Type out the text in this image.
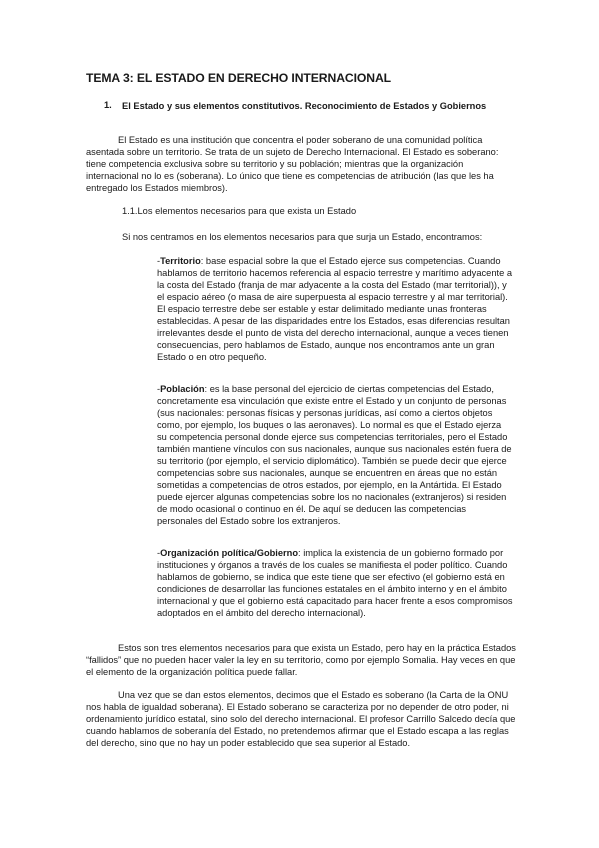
TEMA 3: EL ESTADO EN DERECHO INTERNACIONAL
1. El Estado y sus elementos constitutivos. Reconocimiento de Estados y Gobiernos
El Estado es una institución que concentra el poder soberano de una comunidad política asentada sobre un territorio. Se trata de un sujeto de Derecho Internacional. El Estado es soberano: tiene competencia exclusiva sobre su territorio y su población; mientras que la organización internacional no lo es (soberana). Lo único que tiene es competencias de atribución (las que les ha entregado los Estados miembros).
1.1.Los elementos necesarios para que exista un Estado
Si nos centramos en los elementos necesarios para que surja un Estado, encontramos:
-Territorio: base espacial sobre la que el Estado ejerce sus competencias. Cuando hablamos de territorio hacemos referencia al espacio terrestre y marítimo adyacente a la costa del Estado (franja de mar adyacente a la costa del Estado (mar territorial)), y el espacio aéreo (o masa de aire superpuesta al espacio terrestre y al mar territorial). El espacio terrestre debe ser estable y estar delimitado mediante unas fronteras establecidas. A pesar de las disparidades entre los Estados, esas diferencias resultan irrelevantes desde el punto de vista del derecho internacional, aunque a veces tienen consecuencias, pero hablamos de Estado, aunque nos encontramos ante un gran Estado o en otro pequeño.
-Población: es la base personal del ejercicio de ciertas competencias del Estado, concretamente esa vinculación que existe entre el Estado y un conjunto de personas (sus nacionales: personas físicas y personas jurídicas, así como a ciertos objetos como, por ejemplo, los buques o las aeronaves). Lo normal es que el Estado ejerza su competencia personal donde ejerce sus competencias territoriales, pero el Estado también mantiene vínculos con sus nacionales, aunque sus nacionales estén fuera de su territorio (por ejemplo, el servicio diplomático). También se puede decir que ejerce competencias sobre sus nacionales, aunque se encuentren en áreas que no están sometidas a competencias de otros estados, por ejemplo, en la Antártida. El Estado puede ejercer algunas competencias sobre los no nacionales (extranjeros) si residen de modo ocasional o continuo en él. De aquí se deducen las competencias personales del Estado sobre los extranjeros.
-Organización política/Gobierno: implica la existencia de un gobierno formado por instituciones y órganos a través de los cuales se manifiesta el poder político. Cuando hablamos de gobierno, se indica que este tiene que ser efectivo (el gobierno está en condiciones de desarrollar las funciones estatales en el ámbito interno y en el ámbito internacional y que el gobierno está capacitado para hacer frente a esos compromisos adoptados en el ámbito del derecho internacional).
Estos son tres elementos necesarios para que exista un Estado, pero hay en la práctica Estados “fallidos” que no pueden hacer valer la ley en su territorio, como por ejemplo Somalia. Hay veces en que el elemento de la organización política puede fallar.
Una vez que se dan estos elementos, decimos que el Estado es soberano (la Carta de la ONU nos habla de igualdad soberana). El Estado soberano se caracteriza por no depender de otro poder, ni ordenamiento jurídico estatal, sino solo del derecho internacional. El profesor Carrillo Salcedo decía que cuando hablamos de soberanía del Estado, no pretendemos afirmar que el Estado escapa a las reglas del derecho, sino que no hay un poder establecido que sea superior al Estado.
